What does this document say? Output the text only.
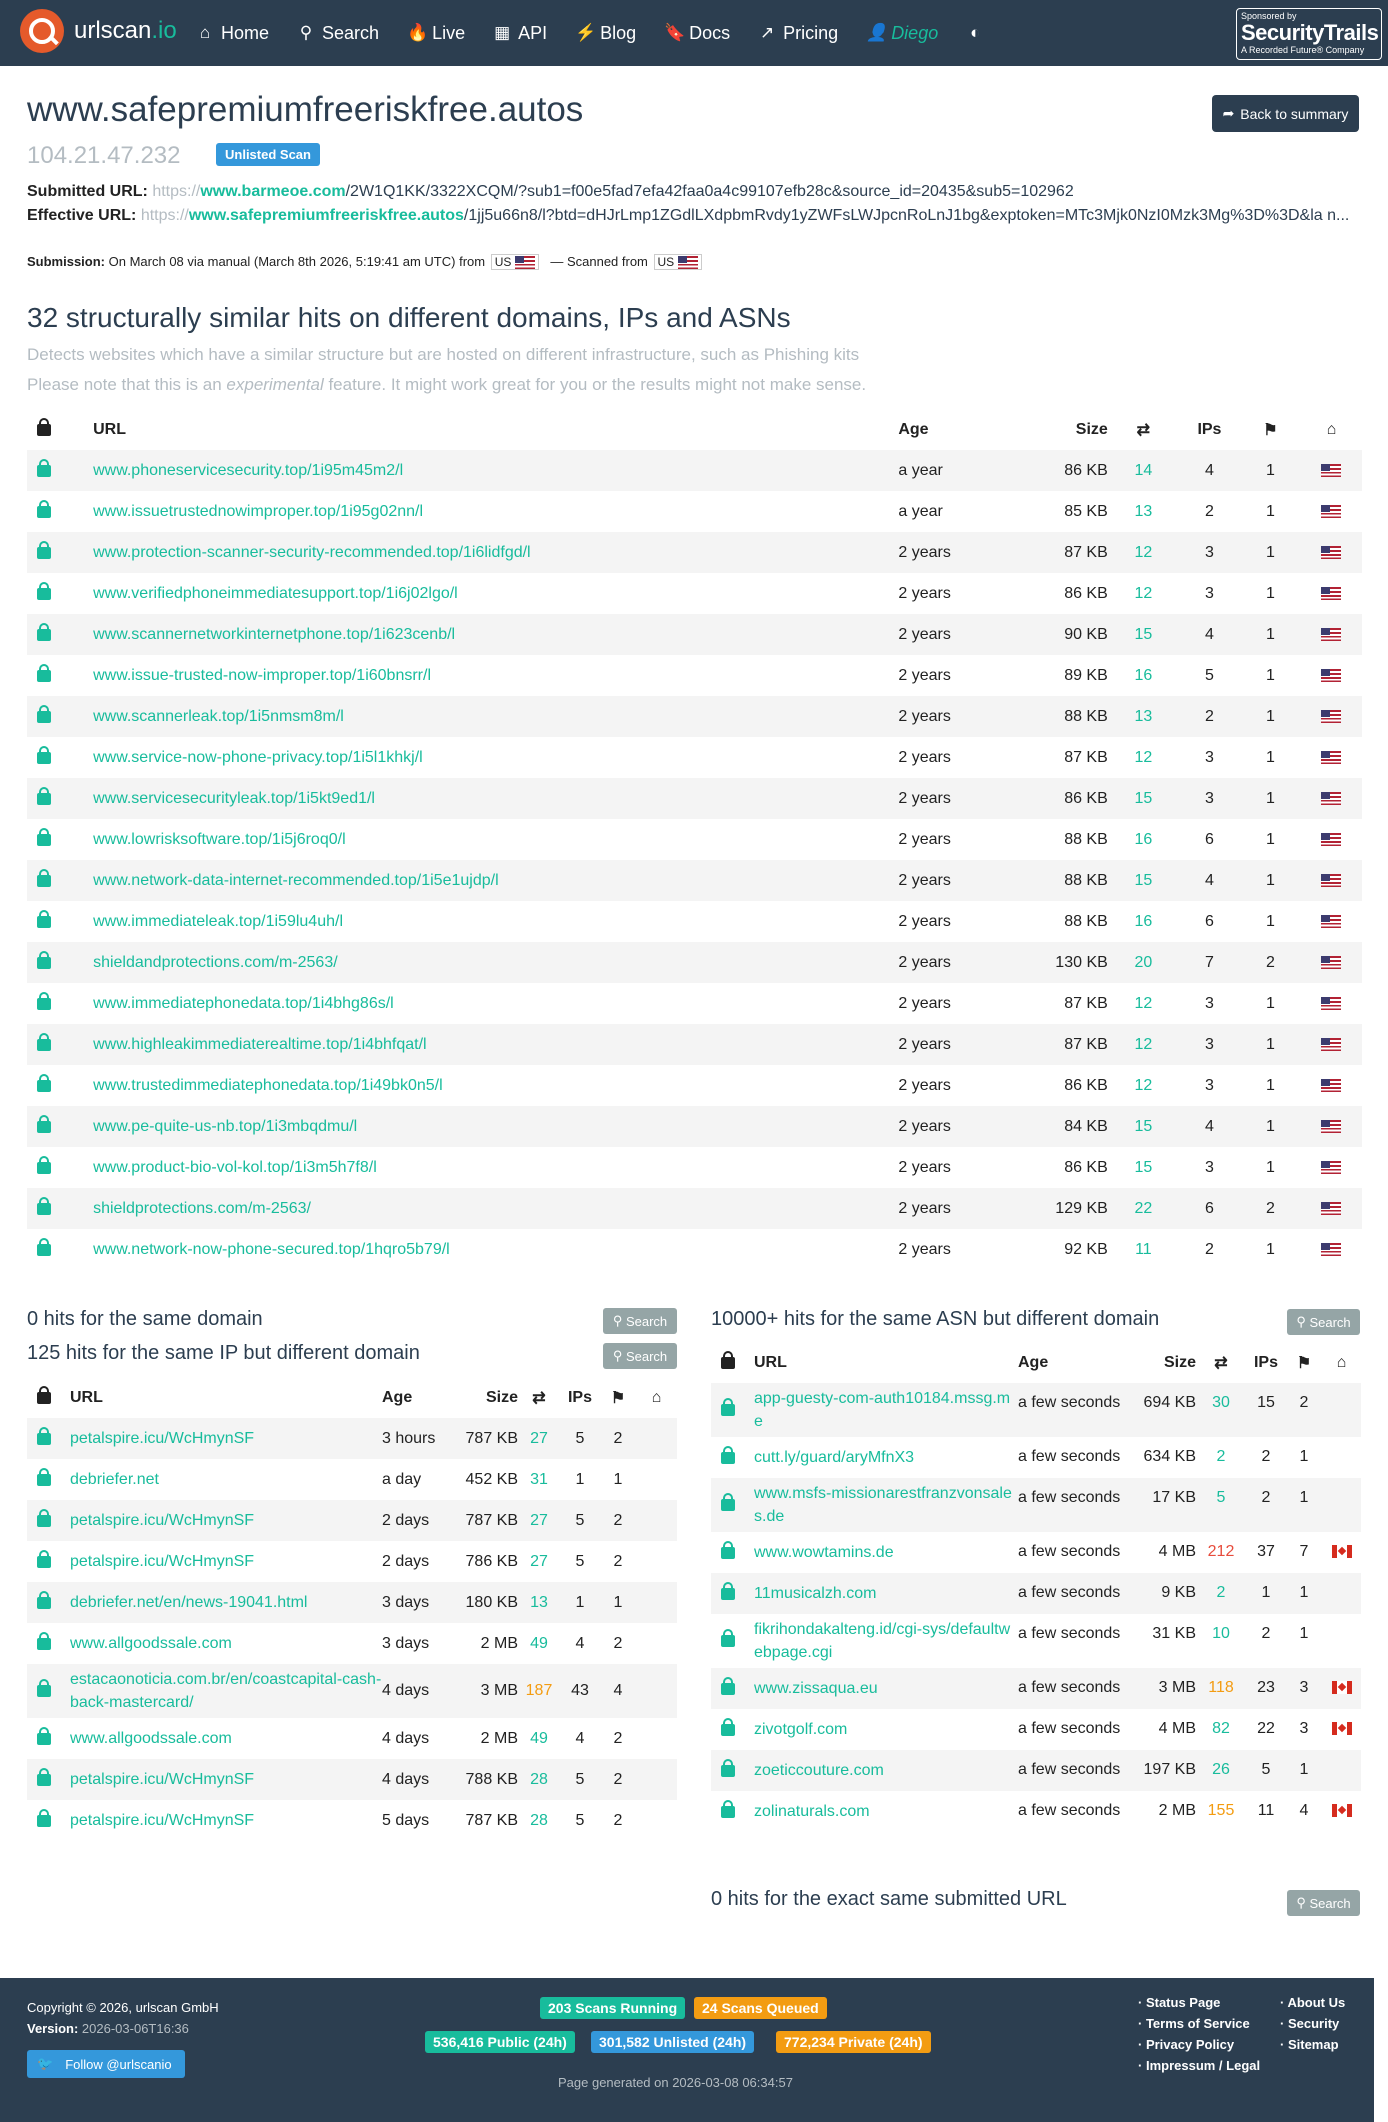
urlscan.io ⌂ Home ⚲ Search 🔥 Live ▦ API ⚡ Blog 🔖 Docs ↗ Pricing 👤 Diego ◐
Sponsored by
SecurityTrails
A Recorded Future® Company
www.safepremiumfreeriskfree.autos	➦ Back to summary
104.21.47.232	Unlisted Scan
Submitted URL: https://www.barmeoe.com/2W1Q1KK/3322XCQM/?sub1=f00e5fad7efa42faa0a4c99107efb28c&source_id=20435&sub5=102962
Effective URL: https://www.safepremiumfreeriskfree.autos/1jj5u66n8/l?btd=dHJrLmp1ZGdlLXdpbmRvdy1yZWFsLWJpcnRoLnJ1bg&exptoken=MTc3Mjk0NzI0Mzk3Mg%3D%3D&la n...
Submission: On March 08 via manual (March 8th 2026, 5:19:41 am UTC) from US	— Scanned from US
32 structurally similar hits on different domains, IPs and ASNs
Detects websites which have a similar structure but are hosted on different infrastructure, such as Phishing kits
Please note that this is an experimental feature. It might work great for you or the results might not make sense.
	URL	Age	Size	⇄	IPs	⚑	⌂
	www.phoneservicesecurity.top/1i95m45m2/l	a year	86 KB	14	4	1	
	www.issuetrustednowimproper.top/1i95g02nn/l	a year	85 KB	13	2	1	
	www.protection-scanner-security-recommended.top/1i6lidfgd/l	2 years	87 KB	12	3	1	
	www.verifiedphoneimmediatesupport.top/1i6j02lgo/l	2 years	86 KB	12	3	1	
	www.scannernetworkinternetphone.top/1i623cenb/l	2 years	90 KB	15	4	1	
	www.issue-trusted-now-improper.top/1i60bnsrr/l	2 years	89 KB	16	5	1	
	www.scannerleak.top/1i5nmsm8m/l	2 years	88 KB	13	2	1	
	www.service-now-phone-privacy.top/1i5l1khkj/l	2 years	87 KB	12	3	1	
	www.servicesecurityleak.top/1i5kt9ed1/l	2 years	86 KB	15	3	1	
	www.lowrisksoftware.top/1i5j6roq0/l	2 years	88 KB	16	6	1	
	www.network-data-internet-recommended.top/1i5e1ujdp/l	2 years	88 KB	15	4	1	
	www.immediateleak.top/1i59lu4uh/l	2 years	88 KB	16	6	1	
	shieldandprotections.com/m-2563/	2 years	130 KB	20	7	2	
	www.immediatephonedata.top/1i4bhg86s/l	2 years	87 KB	12	3	1	
	www.highleakimmediaterealtime.top/1i4bhfqat/l	2 years	87 KB	12	3	1	
	www.trustedimmediatephonedata.top/1i49bk0n5/l	2 years	86 KB	12	3	1	
	www.pe-quite-us-nb.top/1i3mbqdmu/l	2 years	84 KB	15	4	1	
	www.product-bio-vol-kol.top/1i3m5h7f8/l	2 years	86 KB	15	3	1	
	shieldprotections.com/m-2563/	2 years	129 KB	22	6	2	
	www.network-now-phone-secured.top/1hqro5b79/l	2 years	92 KB	11	2	1	
0 hits for the same domain	⚲
Search
125 hits for the same IP but different domain	⚲
Search
	URL	Age	Size	⇄	IPs	⚑	⌂
	petalspire.icu/WcHmynSF	3 hours	787 KB	27	5	2	
	debriefer.net	a day	452 KB	31	1	1	
	petalspire.icu/WcHmynSF	2 days	787 KB	27	5	2	
	petalspire.icu/WcHmynSF	2 days	786 KB	27	5	2	
	debriefer.net/en/news-19041.html	3 days	180 KB	13	1	1	
	www.allgoodssale.com	3 days	2 MB	49	4	2	
	estacaonoticia.com.br/en/coastcapital-cash-back-mastercard/	4 days	3 MB	187	43	4	
	www.allgoodssale.com	4 days	2 MB	49	4	2	
	petalspire.icu/WcHmynSF	4 days	788 KB	28	5	2	
	petalspire.icu/WcHmynSF	5 days	787 KB	28	5	2	
10000+ hits for the same ASN but different domain	⚲
Search
	URL	Age	Size	⇄	IPs	⚑	⌂
	app-guesty-com-auth10184.mssg.me	a few seconds	694 KB	30	15	2	
	cutt.ly/guard/aryMfnX3	a few seconds	634 KB	2	2	1	
	www.msfs-missionarestfranzvonsales.de	a few seconds	17 KB	5	2	1	
	www.wowtamins.de	a few seconds	4 MB	212	37	7	
	11musicalzh.com	a few seconds	9 KB	2	1	1	
	fikrihondakalteng.id/cgi-sys/defaultwebpage.cgi	a few seconds	31 KB	10	2	1	
	www.zissaqua.eu	a few seconds	3 MB	118	23	3	
	zivotgolf.com	a few seconds	4 MB	82	22	3	
	zoeticcouture.com	a few seconds	197 KB	26	5	1	
	zolinaturals.com	a few seconds	2 MB	155	11	4	
0 hits for the exact same submitted URL	⚲
Search
Copyright © 2026, urlscan GmbH
Version: 2026-03-06T16:36
203 Scans Running	24 Scans Queued
536,416 Public (24h)	301,582 Unlisted (24h)	772,234 Private (24h)
Page generated on 2026-03-08 06:34:57
· Status Page
· Terms of Service
· Privacy Policy
· Impressum / Legal
· About Us
· Security
· Sitemap
🐦 Follow @urlscanio
